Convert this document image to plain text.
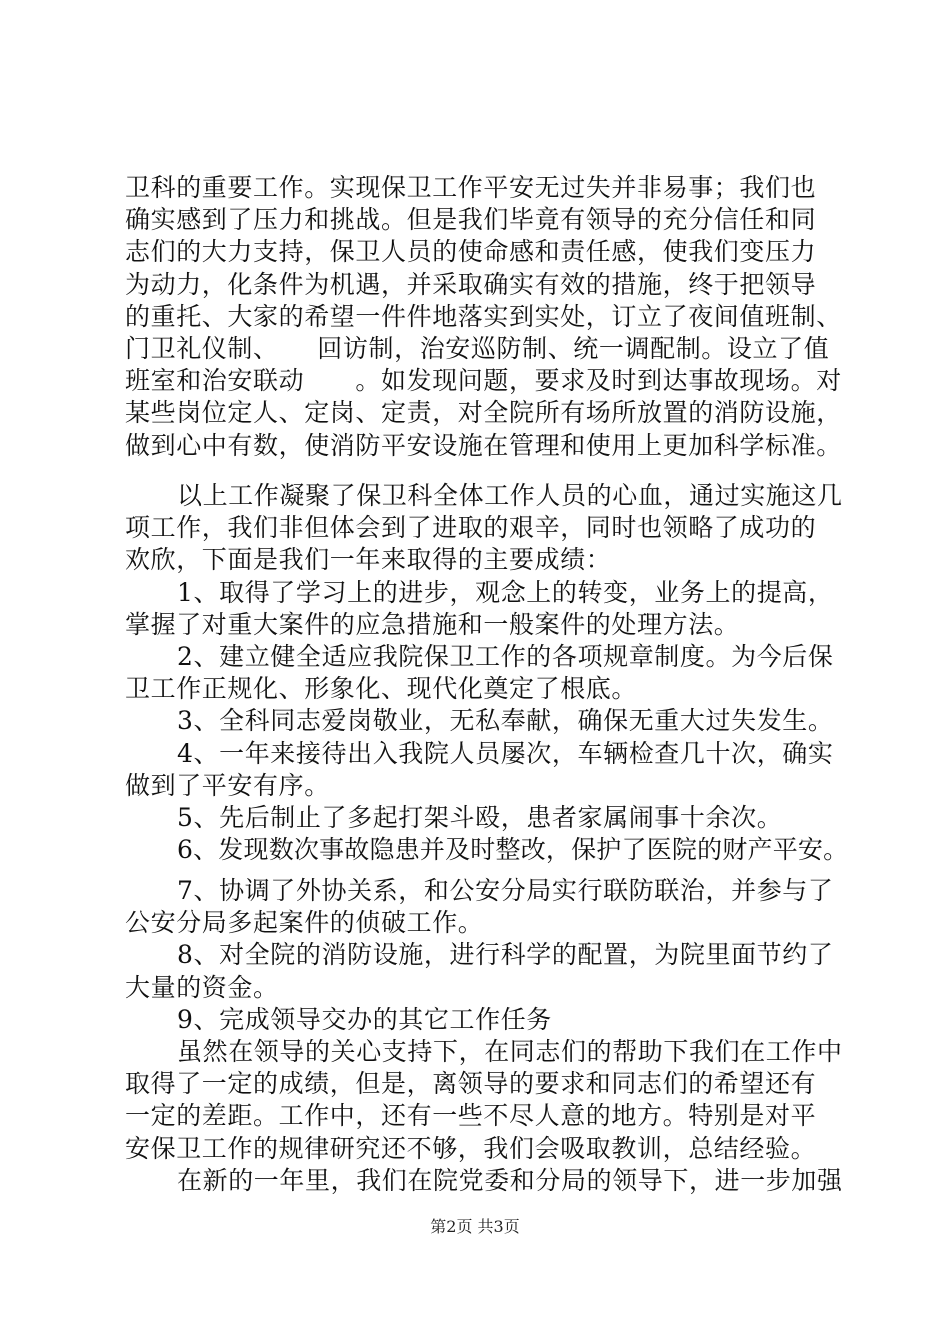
卫科的重要工作。实现保卫工作平安无过失并非易事；我们也
确实感到了压力和挑战。但是我们毕竟有领导的充分信任和同
志们的大力支持，保卫人员的使命感和责任感，使我们变压力
为动力，化条件为机遇，并采取确实有效的措施，终于把领导
的重托、大家的希望一件件地落实到实处，订立了夜间值班制、
门卫礼仪制、　　回访制，治安巡防制、统一调配制。设立了值
班室和治安联动　　。如发现问题，要求及时到达事故现场。对
某些岗位定人、定岗、定责，对全院所有场所放置的消防设施，
做到心中有数，使消防平安设施在管理和使用上更加科学标准。
以上工作凝聚了保卫科全体工作人员的心血，通过实施这几
项工作，我们非但体会到了进取的艰辛，同时也领略了成功的
欢欣，下面是我们一年来取得的主要成绩：
1、取得了学习上的进步，观念上的转变，业务上的提高，
掌握了对重大案件的应急措施和一般案件的处理方法。
2、建立健全适应我院保卫工作的各项规章制度。为今后保
卫工作正规化、形象化、现代化奠定了根底。
3、全科同志爱岗敬业，无私奉献，确保无重大过失发生。
4、一年来接待出入我院人员屡次，车辆检查几十次，确实
做到了平安有序。
5、先后制止了多起打架斗殴，患者家属闹事十余次。
6、发现数次事故隐患并及时整改，保护了医院的财产平安。
7、协调了外协关系，和公安分局实行联防联治，并参与了
公安分局多起案件的侦破工作。
8、对全院的消防设施，进行科学的配置，为院里面节约了
大量的资金。
9、完成领导交办的其它工作任务
虽然在领导的关心支持下，在同志们的帮助下我们在工作中
取得了一定的成绩，但是，离领导的要求和同志们的希望还有
一定的差距。工作中，还有一些不尽人意的地方。特别是对平
安保卫工作的规律研究还不够，我们会吸取教训，总结经验。
在新的一年里，我们在院党委和分局的领导下，进一步加强
第2页 共3页
